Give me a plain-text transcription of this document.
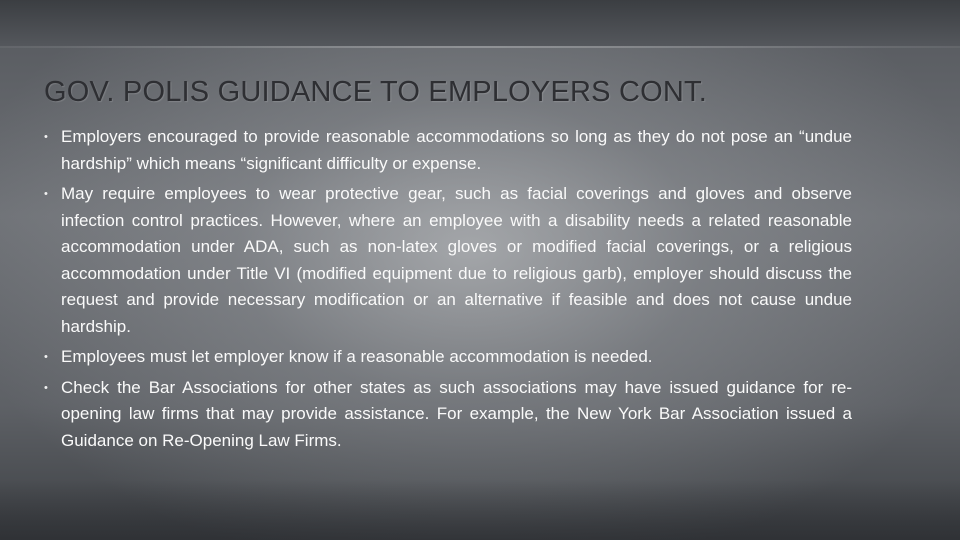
GOV. POLIS GUIDANCE TO EMPLOYERS CONT.
• Employers encouraged to provide reasonable accommodations so long as they do not pose an “undue hardship” which means “significant difficulty or expense.
• May require employees to wear protective gear, such as facial coverings and gloves and observe infection control practices. However, where an employee with a disability needs a related reasonable accommodation under ADA, such as non-latex gloves or modified facial coverings, or a religious accommodation under Title VI (modified equipment due to religious garb), employer should discuss the request and provide necessary modification or an alternative if feasible and does not cause undue hardship.
• Employees must let employer know if a reasonable accommodation is needed.
• Check the Bar Associations for other states as such associations may have issued guidance for re-opening law firms that may provide assistance. For example, the New York Bar Association issued a Guidance on Re-Opening Law Firms.
